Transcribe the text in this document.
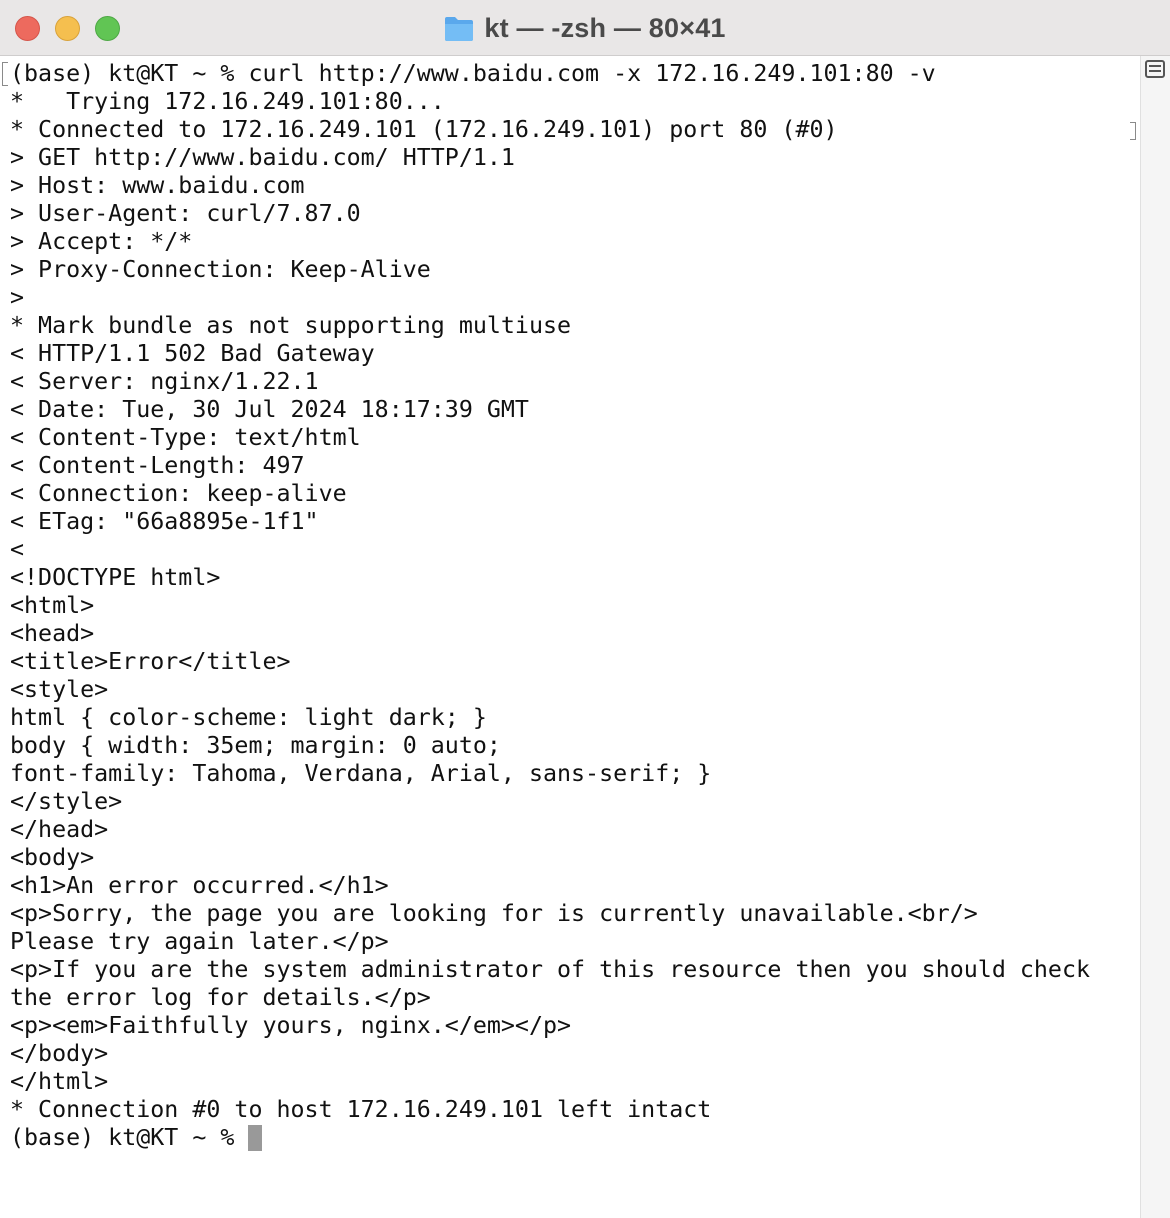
kt — -zsh — 80×41
(base) kt@KT ~ % curl http://www.baidu.com -x 172.16.249.101:80 -v
*   Trying 172.16.249.101:80...
* Connected to 172.16.249.101 (172.16.249.101) port 80 (#0)
> GET http://www.baidu.com/ HTTP/1.1
> Host: www.baidu.com
> User-Agent: curl/7.87.0
> Accept: */*
> Proxy-Connection: Keep-Alive
>
* Mark bundle as not supporting multiuse
< HTTP/1.1 502 Bad Gateway
< Server: nginx/1.22.1
< Date: Tue, 30 Jul 2024 18:17:39 GMT
< Content-Type: text/html
< Content-Length: 497
< Connection: keep-alive
< ETag: "66a8895e-1f1"
<
<!DOCTYPE html>
<html>
<head>
<title>Error</title>
<style>
html { color-scheme: light dark; }
body { width: 35em; margin: 0 auto;
font-family: Tahoma, Verdana, Arial, sans-serif; }
</style>
</head>
<body>
<h1>An error occurred.</h1>
<p>Sorry, the page you are looking for is currently unavailable.<br/>
Please try again later.</p>
<p>If you are the system administrator of this resource then you should check
the error log for details.</p>
<p><em>Faithfully yours, nginx.</em></p>
</body>
</html>
* Connection #0 to host 172.16.249.101 left intact
(base) kt@KT ~ %
